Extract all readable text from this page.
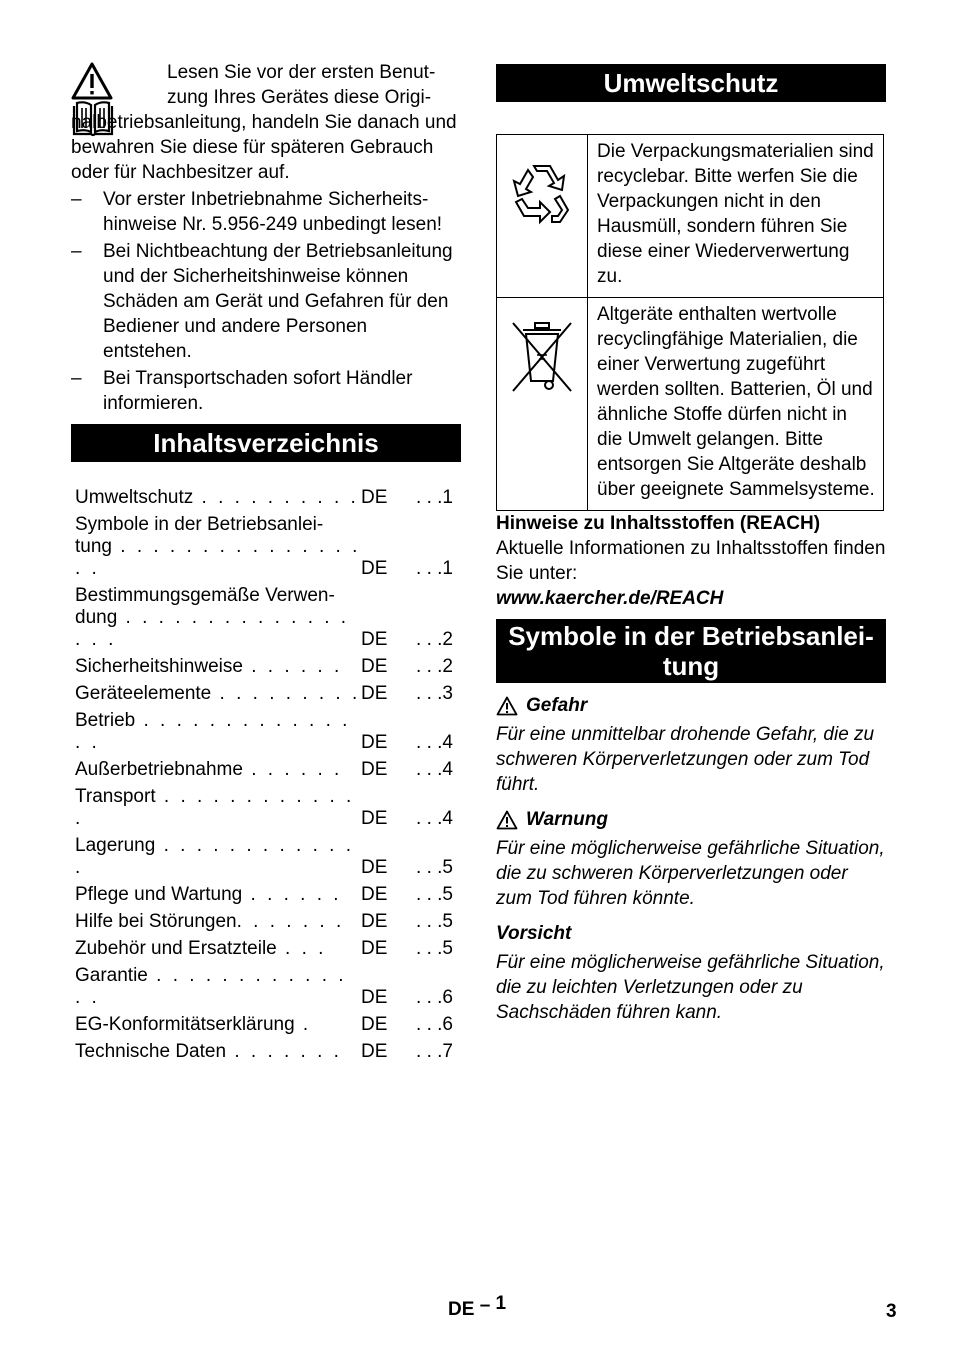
Lesen Sie vor der ersten Benutzung Ihres Gerätes diese Originalbetriebsanleitung, handeln Sie danach und bewahren Sie diese für späteren Gebrauch oder für Nachbesitzer auf.
– Vor erster Inbetriebnahme Sicherheitshinweise Nr. 5.956-249 unbedingt lesen!
– Bei Nichtbeachtung der Betriebsanleitung und der Sicherheitshinweise können Schäden am Gerät und Gefahren für den Bediener und andere Personen entstehen.
– Bei Transportschaden sofort Händler informieren.
Inhaltsverzeichnis
Umweltschutz . . . . . . . . . .	DE	. . .1
Symbole in der Betriebsanlei-		
tung . . . . . . . . . . . . . . . . .	DE	. . .1
Bestimmungsgemäße Verwen-		
dung . . . . . . . . . . . . . . . . .	DE	. . .2
Sicherheitshinweise . . . . . .	DE	. . .2
Geräteelemente . . . . . . . . .	DE	. . .3
Betrieb . . . . . . . . . . . . . . .	DE	. . .4
Außerbetriebnahme . . . . . .	DE	. . .4
Transport . . . . . . . . . . . . .	DE	. . .4
Lagerung . . . . . . . . . . . . .	DE	. . .5
Pflege und Wartung . . . . . .	DE	. . .5
Hilfe bei Störungen. . . . . . .	DE	. . .5
Zubehör und Ersatzteile . . .	DE	. . .5
Garantie . . . . . . . . . . . . . .	DE	. . .6
EG-Konformitätserklärung .	DE	. . .6
Technische Daten . . . . . . .	DE	. . .7
Umweltschutz
	Die Verpackungsmaterialien sind recyclebar. Bitte werfen Sie die Verpackungen nicht in den Hausmüll, sondern führen Sie diese einer Wiederverwertung zu.
	Altgeräte enthalten wertvolle recyclingfähige Materialien, die einer Verwertung zugeführt werden sollten. Batterien, Öl und ähnliche Stoffe dürfen nicht in die Umwelt gelangen. Bitte entsorgen Sie Altgeräte deshalb über geeignete Sammelsysteme.
Hinweise zu Inhaltsstoffen (REACH)
Aktuelle Informationen zu Inhaltsstoffen finden Sie unter:
www.kaercher.de/REACH
Symbole in der Betriebsanlei-
tung
Gefahr
Für eine unmittelbar drohende Gefahr, die zu schweren Körperverletzungen oder zum Tod führt.
Warnung
Für eine möglicherweise gefährliche Situation, die zu schweren Körperverletzungen oder zum Tod führen könnte.
Vorsicht
Für eine möglicherweise gefährliche Situation, die zu leichten Verletzungen oder zu Sachschäden führen kann.
DE – 1	3
